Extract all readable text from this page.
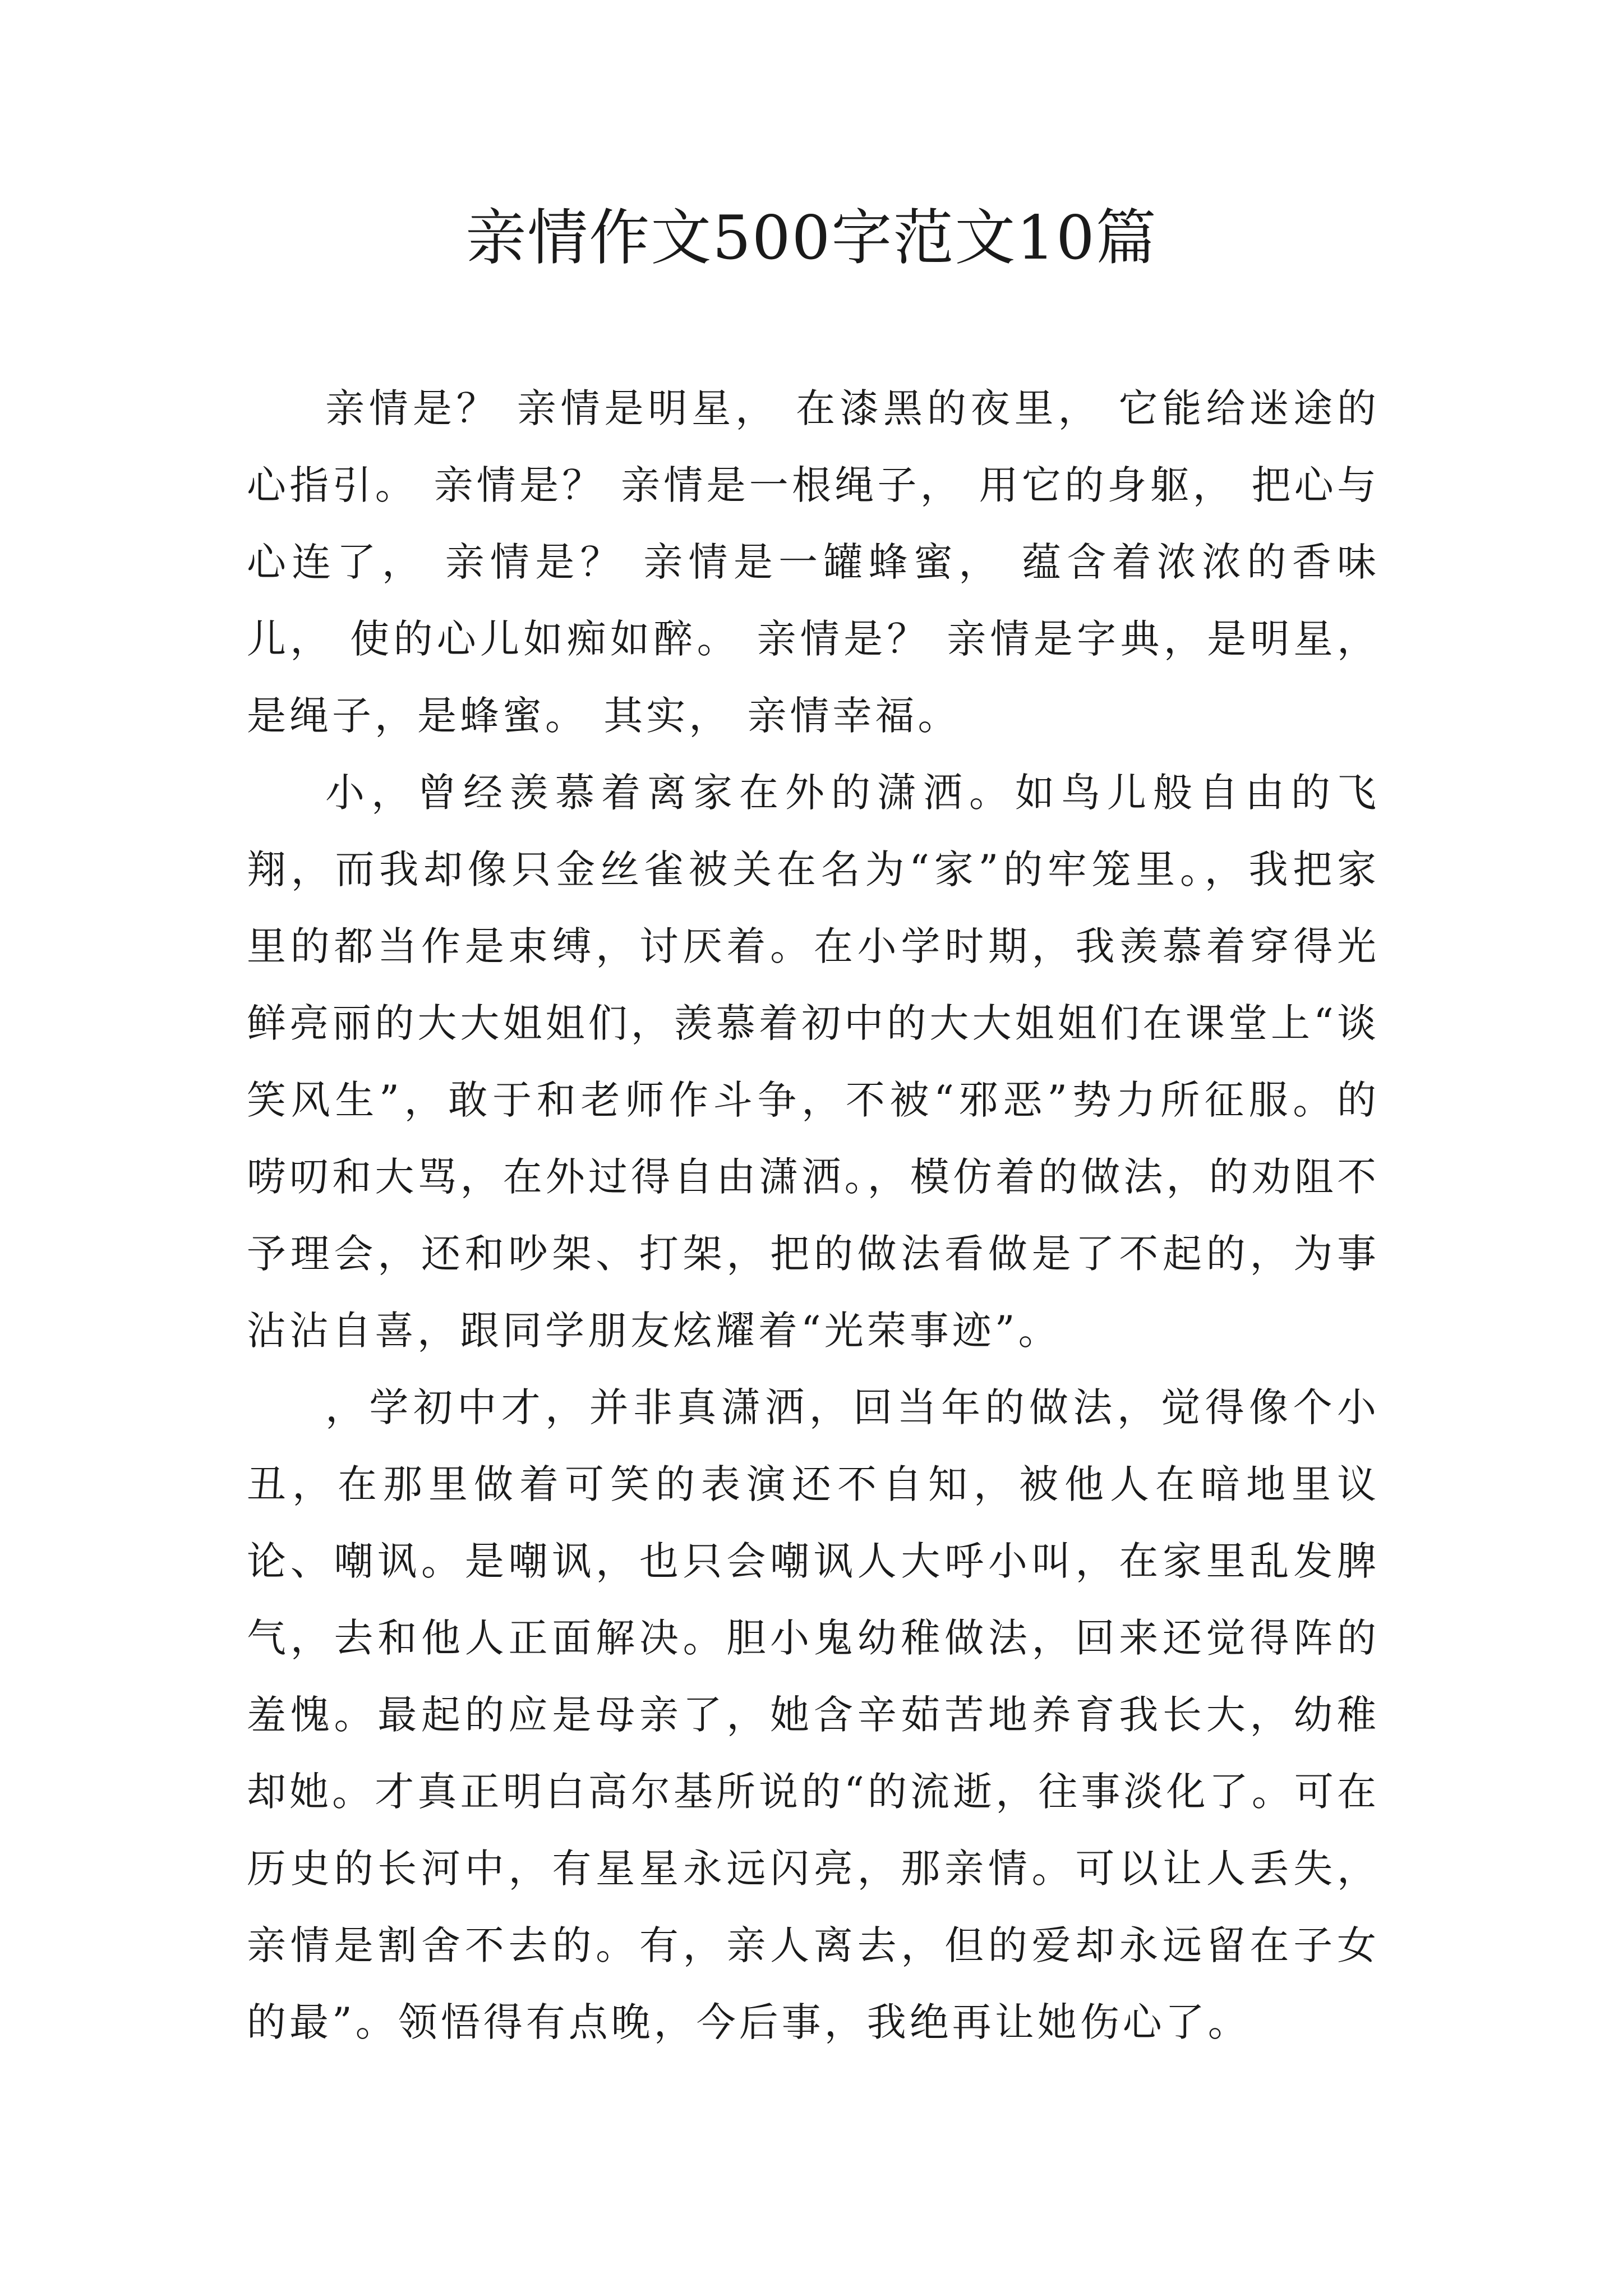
亲情作文500字范文10篇

亲情是？ 亲情是明星， 在漆黑的夜里， 它能给迷途的心指引。 亲情是？ 亲情是一根绳子， 用它的身躯， 把心与心连了， 亲情是？ 亲情是一罐蜂蜜， 蕴含着浓浓的香味儿， 使的心儿如痴如醉。 亲情是？ 亲情是字典，是明星，是绳子，是蜂蜜。 其实， 亲情幸福。

小，曾经羡慕着离家在外的潇洒。如鸟儿般自由的飞翔，而我却像只金丝雀被关在名为“家”的牢笼里。，我把家里的都当作是束缚，讨厌着。在小学时期，我羡慕着穿得光鲜亮丽的大大姐姐们，羡慕着初中的大大姐姐们在课堂上“谈笑风生”，敢于和老师作斗争，不被“邪恶”势力所征服。的唠叨和大骂，在外过得自由潇洒。，模仿着的做法，的劝阻不予理会，还和吵架、打架，把的做法看做是了不起的，为事沾沾自喜，跟同学朋友炫耀着“光荣事迹”。

，学初中才，并非真潇洒，回当年的做法，觉得像个小丑，在那里做着可笑的表演还不自知，被他人在暗地里议论、嘲讽。是嘲讽，也只会嘲讽人大呼小叫，在家里乱发脾气，去和他人正面解决。胆小鬼幼稚做法，回来还觉得阵的羞愧。最起的应是母亲了，她含辛茹苦地养育我长大，幼稚却她。才真正明白高尔基所说的“的流逝，往事淡化了。可在历史的长河中，有星星永远闪亮，那亲情。可以让人丢失，亲情是割舍不去的。有，亲人离去，但的爱却永远留在子女的最”。领悟得有点晚，今后事，我绝再让她伤心了。
